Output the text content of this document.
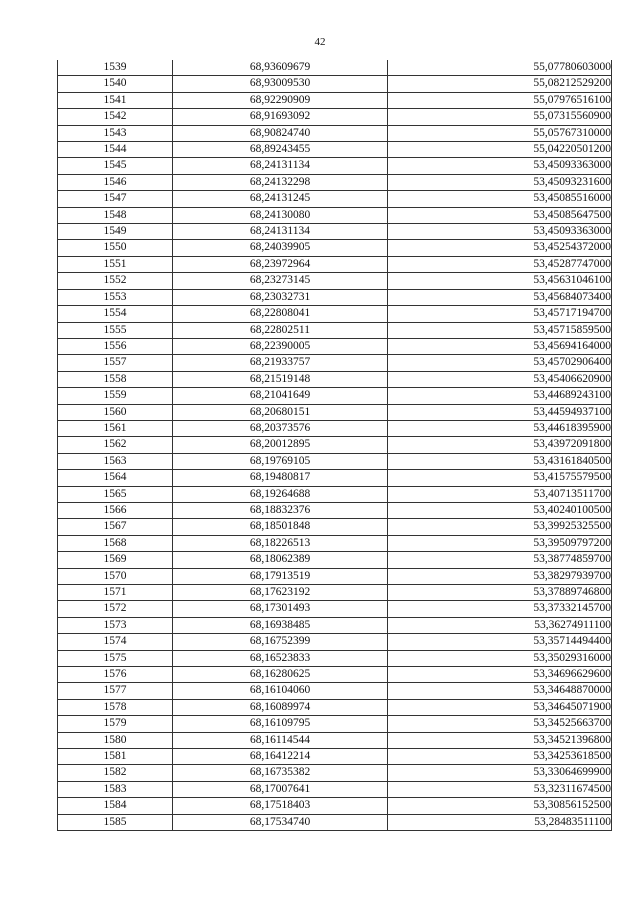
42
1539	68,93609679	55,07780603000
1540	68,93009530	55,08212529200
1541	68,92290909	55,07976516100
1542	68,91693092	55,07315560900
1543	68,90824740	55,05767310000
1544	68,89243455	55,04220501200
1545	68,24131134	53,45093363000
1546	68,24132298	53,45093231600
1547	68,24131245	53,45085516000
1548	68,24130080	53,45085647500
1549	68,24131134	53,45093363000
1550	68,24039905	53,45254372000
1551	68,23972964	53,45287747000
1552	68,23273145	53,45631046100
1553	68,23032731	53,45684073400
1554	68,22808041	53,45717194700
1555	68,22802511	53,45715859500
1556	68,22390005	53,45694164000
1557	68,21933757	53,45702906400
1558	68,21519148	53,45406620900
1559	68,21041649	53,44689243100
1560	68,20680151	53,44594937100
1561	68,20373576	53,44618395900
1562	68,20012895	53,43972091800
1563	68,19769105	53,43161840500
1564	68,19480817	53,41575579500
1565	68,19264688	53,40713511700
1566	68,18832376	53,40240100500
1567	68,18501848	53,39925325500
1568	68,18226513	53,39509797200
1569	68,18062389	53,38774859700
1570	68,17913519	53,38297939700
1571	68,17623192	53,37889746800
1572	68,17301493	53,37332145700
1573	68,16938485	53,36274911100
1574	68,16752399	53,35714494400
1575	68,16523833	53,35029316000
1576	68,16280625	53,34696629600
1577	68,16104060	53,34648870000
1578	68,16089974	53,34645071900
1579	68,16109795	53,34525663700
1580	68,16114544	53,34521396800
1581	68,16412214	53,34253618500
1582	68,16735382	53,33064699900
1583	68,17007641	53,32311674500
1584	68,17518403	53,30856152500
1585	68,17534740	53,28483511100
